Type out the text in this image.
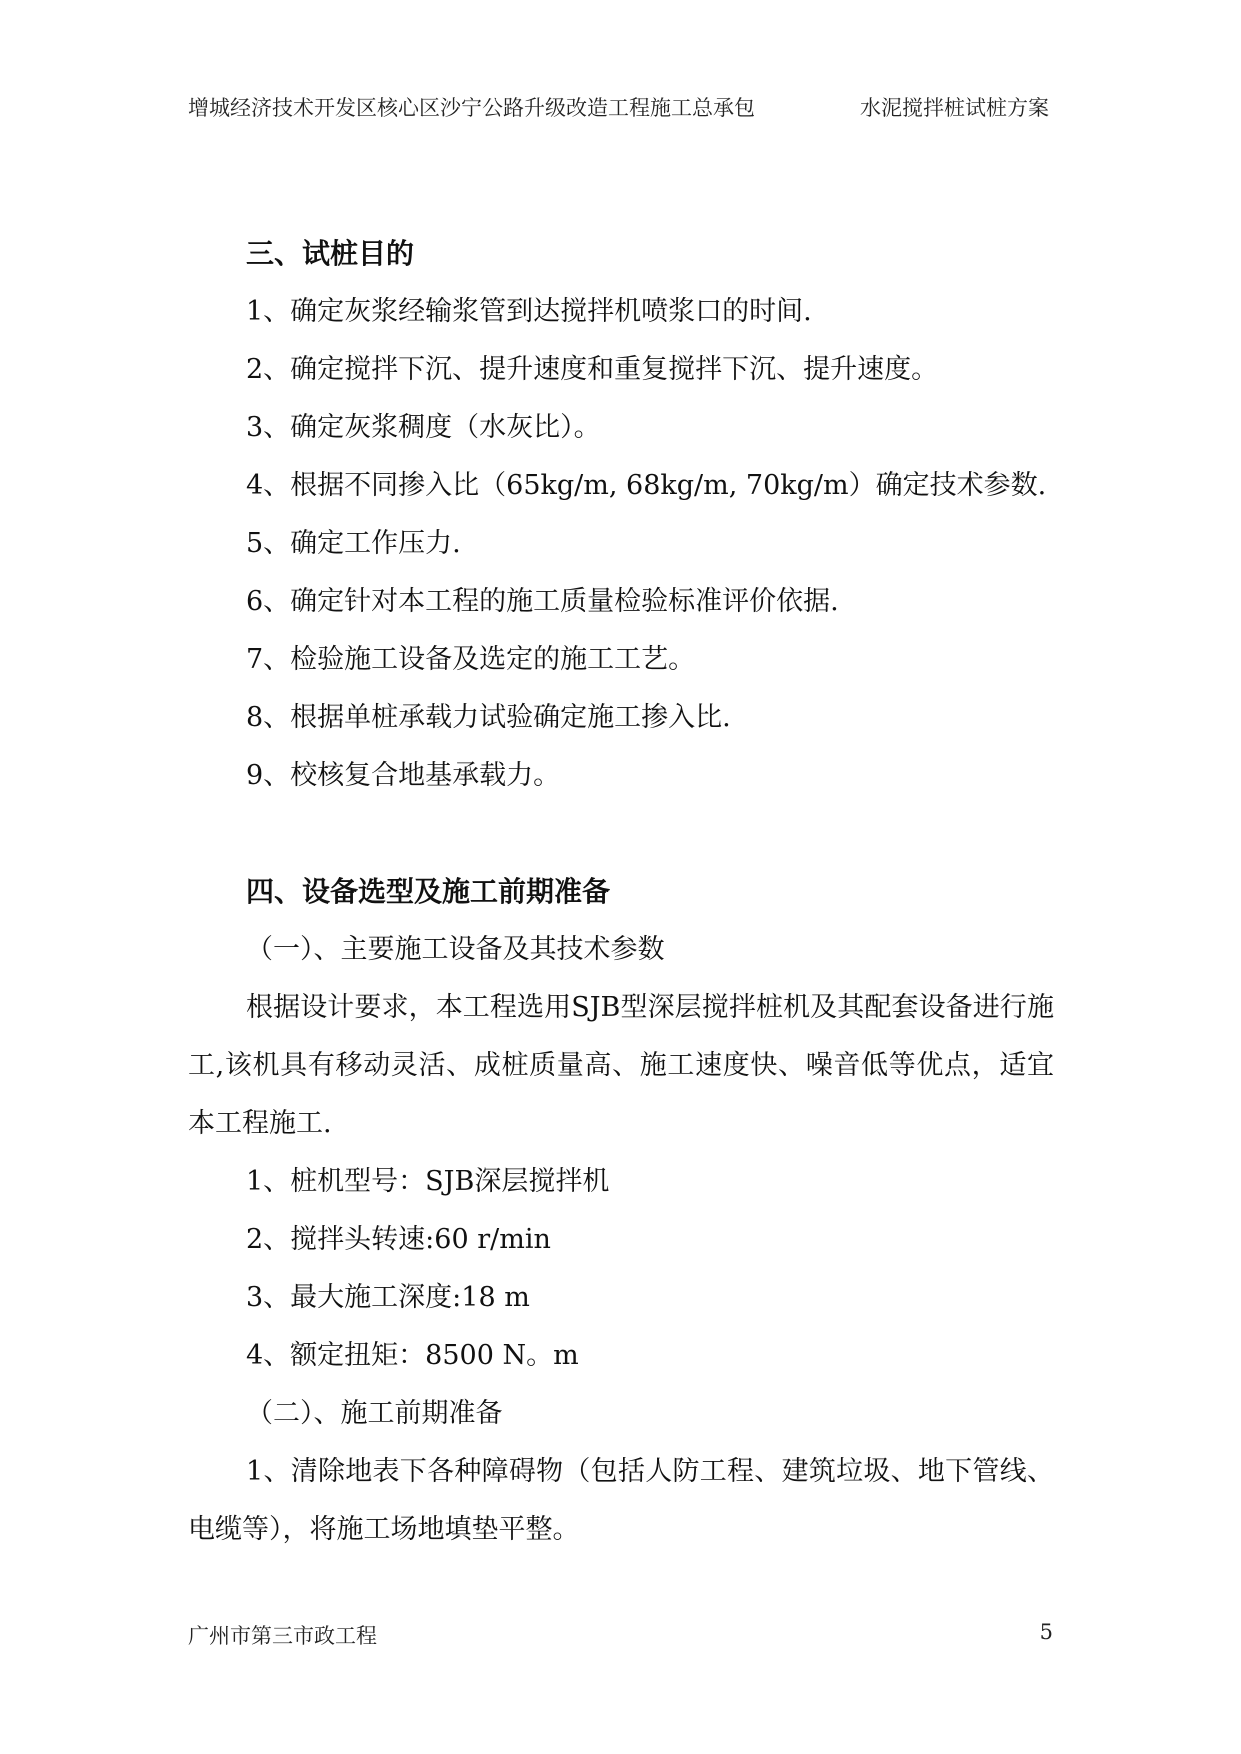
增城经济技术开发区核心区沙宁公路升级改造工程施工总承包	水泥搅拌桩试桩方案
三、试桩目的
1、确定灰浆经输浆管到达搅拌机喷浆口的时间.
2、确定搅拌下沉、提升速度和重复搅拌下沉、提升速度。
3、确定灰浆稠度（水灰比）。
4、根据不同掺入比（65kg/m, 68kg/m, 70kg/m）确定技术参数.
5、确定工作压力.
6、确定针对本工程的施工质量检验标准评价依据.
7、检验施工设备及选定的施工工艺。
8、根据单桩承载力试验确定施工掺入比.
9、校核复合地基承载力。
四、设备选型及施工前期准备
（一）、主要施工设备及其技术参数
根据设计要求，本工程选用SJB型深层搅拌桩机及其配套设备进行施工,该机具有移动灵活、成桩质量高、施工速度快、噪音低等优点，适宜本工程施工.
1、桩机型号：SJB深层搅拌机
2、搅拌头转速:60 r/min
3、最大施工深度:18 m
4、额定扭矩：8500 N。m
（二）、施工前期准备
1、清除地表下各种障碍物（包括人防工程、建筑垃圾、地下管线、电缆等），将施工场地填垫平整。
广州市第三市政工程	5
